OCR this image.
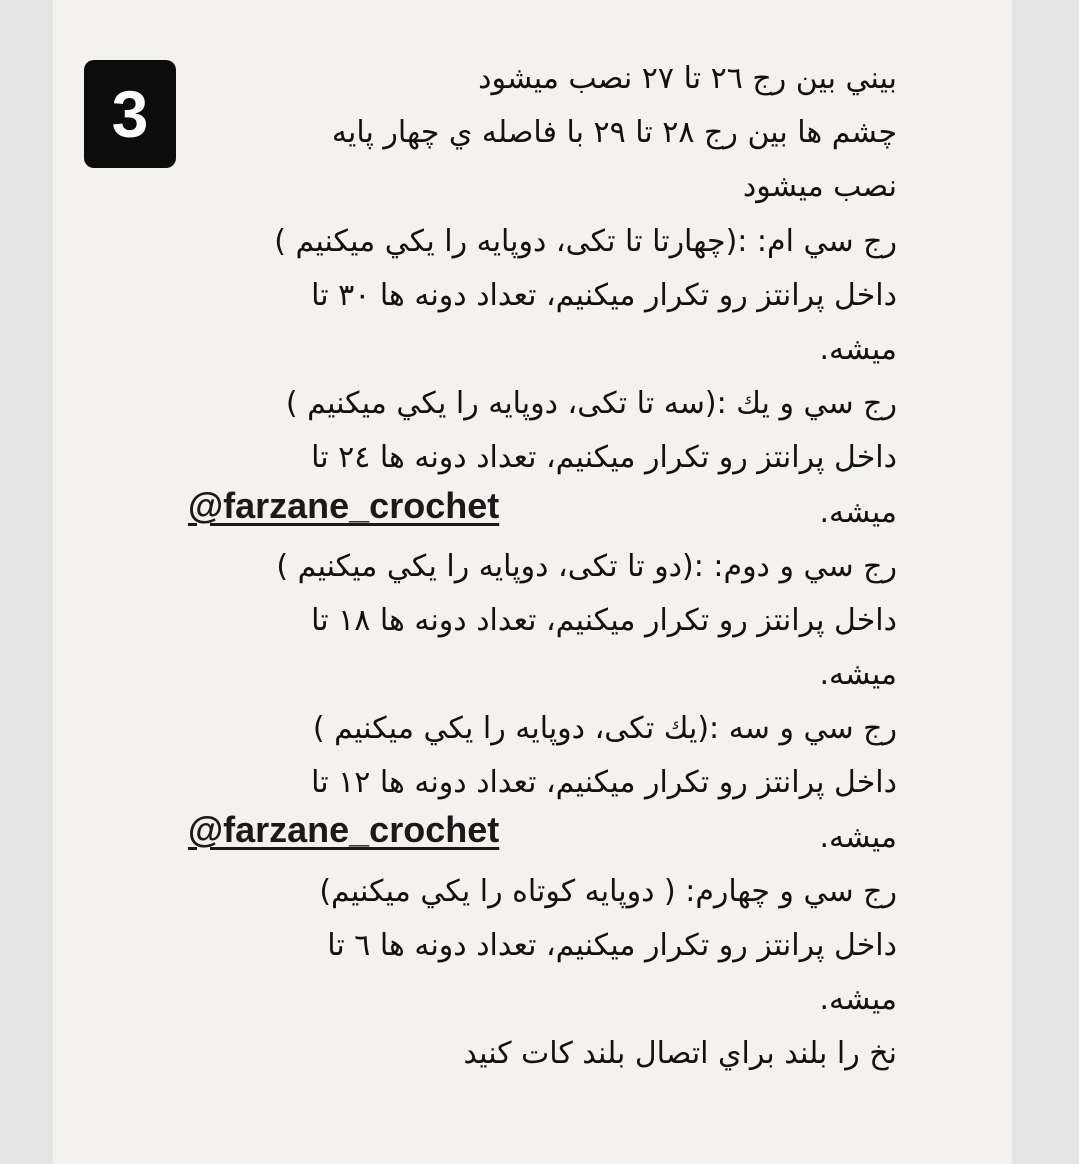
3	بيني بين رج ٢٦ تا ٢٧ نصب ميشود
چشم ها بين رج ٢٨ تا ٢٩ با فاصله ي چهار پايه
نصب ميشود
رج سي ام: :(چهارتا تا تکی، دوپايه را يکي ميکنيم )
داخل پرانتز رو تکرار ميکنيم، تعداد دونه ها ٣٠ تا
ميشه.
رج سي و يك :(سه تا تکی، دوپايه را يکي ميکنيم )
داخل پرانتز رو تکرار ميکنيم، تعداد دونه ها ٢٤ تا
ميشه.
رج سي و دوم: :(دو تا تکی، دوپايه را يکي ميکنيم )
داخل پرانتز رو تکرار ميکنيم، تعداد دونه ها ١٨ تا
ميشه.
رج سي و سه :(يك تکی، دوپايه را يکي ميکنيم )
داخل پرانتز رو تکرار ميکنيم، تعداد دونه ها ١٢ تا
ميشه.
رج سي و چهارم: ( دوپايه كوتاه را يکي ميکنيم)
داخل پرانتز رو تکرار ميکنيم، تعداد دونه ها ٦ تا
ميشه.
نخ را بلند براي اتصال بلند كات كنيد
@farzane_crochet
@farzane_crochet
